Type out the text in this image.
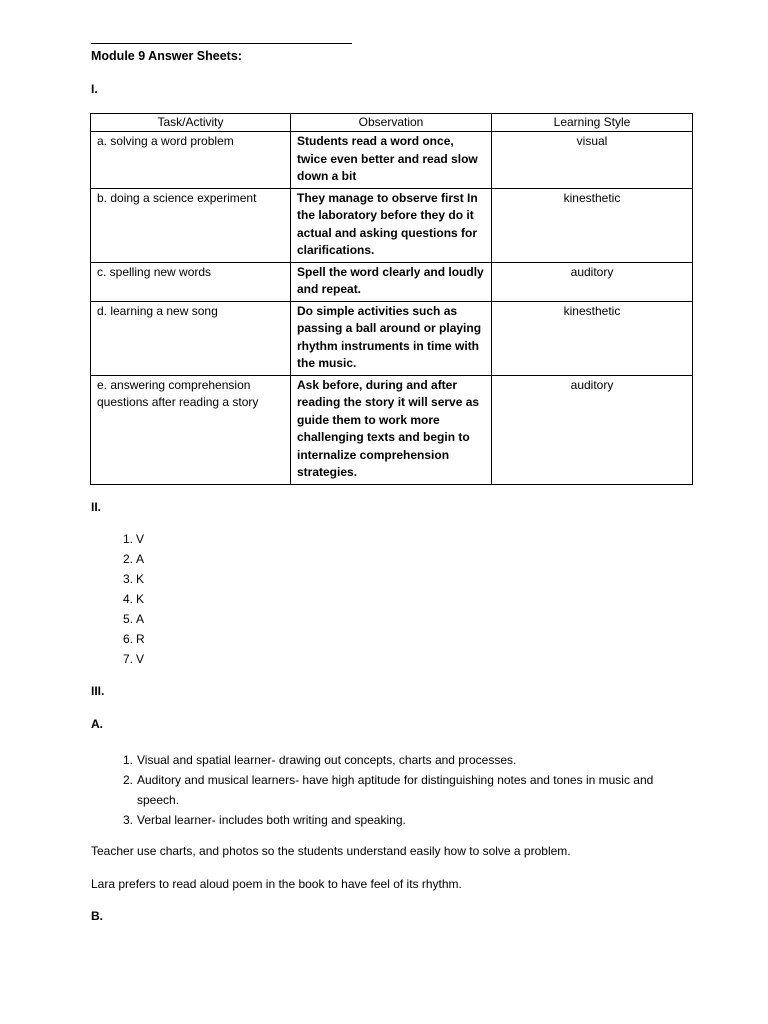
Module 9 Answer Sheets:
I.
Task/Activity	Observation	Learning Style
a. solving a word problem	Students read a word once, twice even better and read slow down a bit	visual
b. doing a science experiment	They manage to observe first In the laboratory before they do it actual and asking questions for clarifications.	kinesthetic
c. spelling new words	Spell the word clearly and loudly and repeat.	auditory
d. learning a new song	Do simple activities such as passing a ball around or playing rhythm instruments in time with the music.	kinesthetic
e. answering comprehension questions after reading a story	Ask before, during and after reading the story it will serve as guide them to work more challenging texts and begin to internalize comprehension strategies.	auditory
II.
1. V
2. A
3. K
4. K
5. A
6. R
7. V
III.
A.
1. Visual and spatial learner- drawing out concepts, charts and processes.
2. Auditory and musical learners- have high aptitude for distinguishing notes and tones in music and speech.
3. Verbal learner- includes both writing and speaking.
Teacher use charts, and photos so the students understand easily how to solve a problem.
Lara prefers to read aloud poem in the book to have feel of its rhythm.
B.
